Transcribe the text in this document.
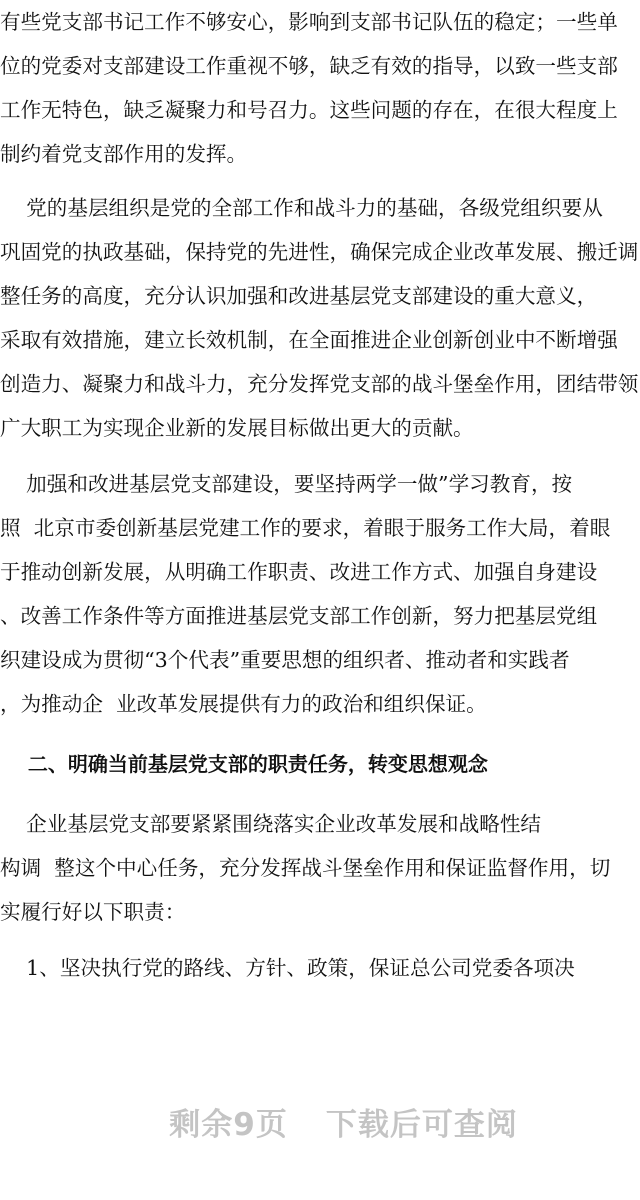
有些党支部书记工作不够安心，影响到支部书记队伍的稳定；一些单
位的党委对支部建设工作重视不够，缺乏有效的指导，以致一些支部
工作无特色，缺乏凝聚力和号召力。这些问题的存在，在很大程度上
制约着党支部作用的发挥。
党的基层组织是党的全部工作和战斗力的基础，各级党组织要从
巩固党的执政基础，保持党的先进性，确保完成企业改革发展、搬迁调
整任务的高度，充分认识加强和改进基层党支部建设的重大意义，
采取有效措施，建立长效机制，在全面推进企业创新创业中不断增强
创造力、凝聚力和战斗力，充分发挥党支部的战斗堡垒作用，团结带领
广大职工为实现企业新的发展目标做出更大的贡献。
加强和改进基层党支部建设，要坚持两学一做”学习教育，按
照  北京市委创新基层党建工作的要求，着眼于服务工作大局，着眼
于推动创新发展，从明确工作职责、改进工作方式、加强自身建设
、改善工作条件等方面推进基层党支部工作创新，努力把基层党组
织建设成为贯彻“3个代表”重要思想的组织者、推动者和实践者
，为推动企  业改革发展提供有力的政治和组织保证。
二、明确当前基层党支部的职责任务，转变思想观念
企业基层党支部要紧紧围绕落实企业改革发展和战略性结
构调  整这个中心任务，充分发挥战斗堡垒作用和保证监督作用，切
实履行好以下职责：
1、坚决执行党的路线、方针、政策，保证总公司党委各项决

剩余9页 下载后可查阅
